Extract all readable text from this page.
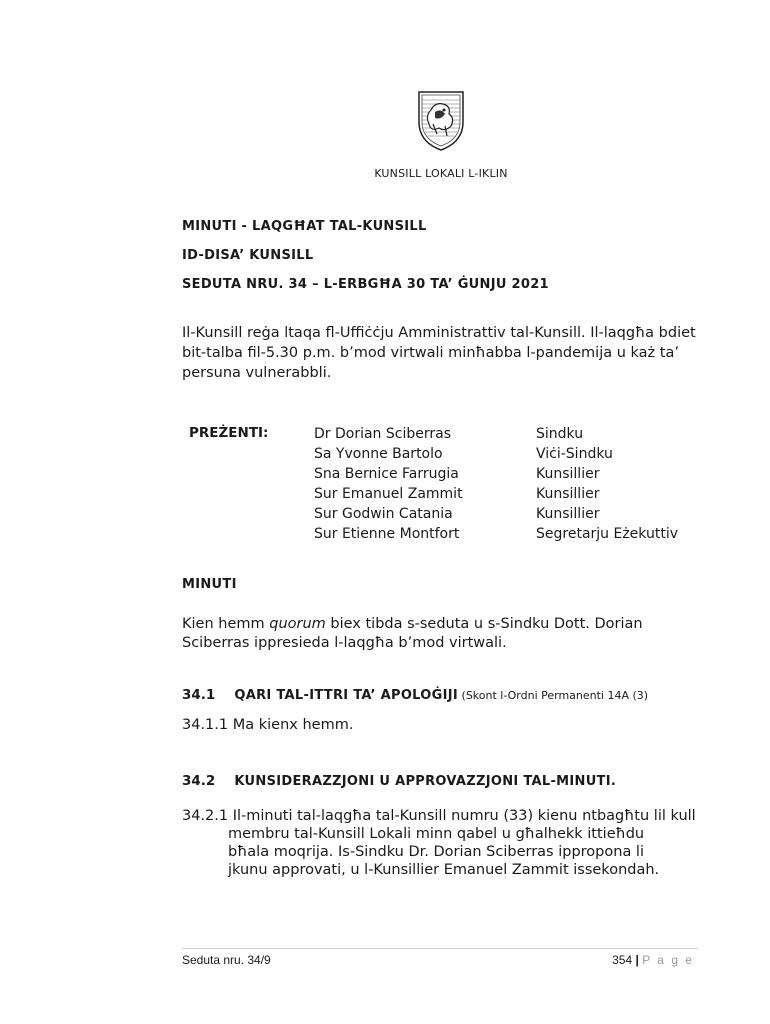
KUNSILL LOKALI L-IKLIN
MINUTI - LAQGĦAT TAL-KUNSILL
ID-DISA’ KUNSILL
SEDUTA NRU. 34 – L-ERBGĦA 30 TA’ ĠUNJU 2021
Il-Kunsill reġa ltaqa fl-Uffiċċju Amministrattiv tal-Kunsill. Il-laqgħa bdiet
bit-talba fil-5.30 p.m. b’mod virtwali minħabba l-pandemija u każ ta’
persuna vulnerabbli.
PREŻENTI:	Dr Dorian Sciberras	Sindku
Sa Yvonne Bartolo	Viċi-Sindku
Sna Bernice Farrugia	Kunsillier
Sur Emanuel Zammit	Kunsillier
Sur Godwin Catania	Kunsillier
Sur Etienne Montfort	Segretarju Eżekuttiv
MINUTI
Kien hemm quorum biex tibda s-seduta u s-Sindku Dott. Dorian
Sciberras ippresieda l-laqgħa b’mod virtwali.
34.1 QARI TAL-ITTRI TA’ APOLOĠIJI (Skont l-Ordni Permanenti 14A (3)
34.1.1 Ma kienx hemm.
34.2 KUNSIDERAZZJONI U APPROVAZZJONI TAL-MINUTI.
34.2.1 Il-minuti tal-laqgħa tal-Kunsill numru (33) kienu ntbagħtu lil kull
membru tal-Kunsill Lokali minn qabel u għalhekk ittieħdu
bħala moqrija. Is-Sindku Dr. Dorian Sciberras ippropona li
jkunu approvati, u l-Kunsillier Emanuel Zammit issekondah.
Seduta nru. 34/9	354 | P a g e
